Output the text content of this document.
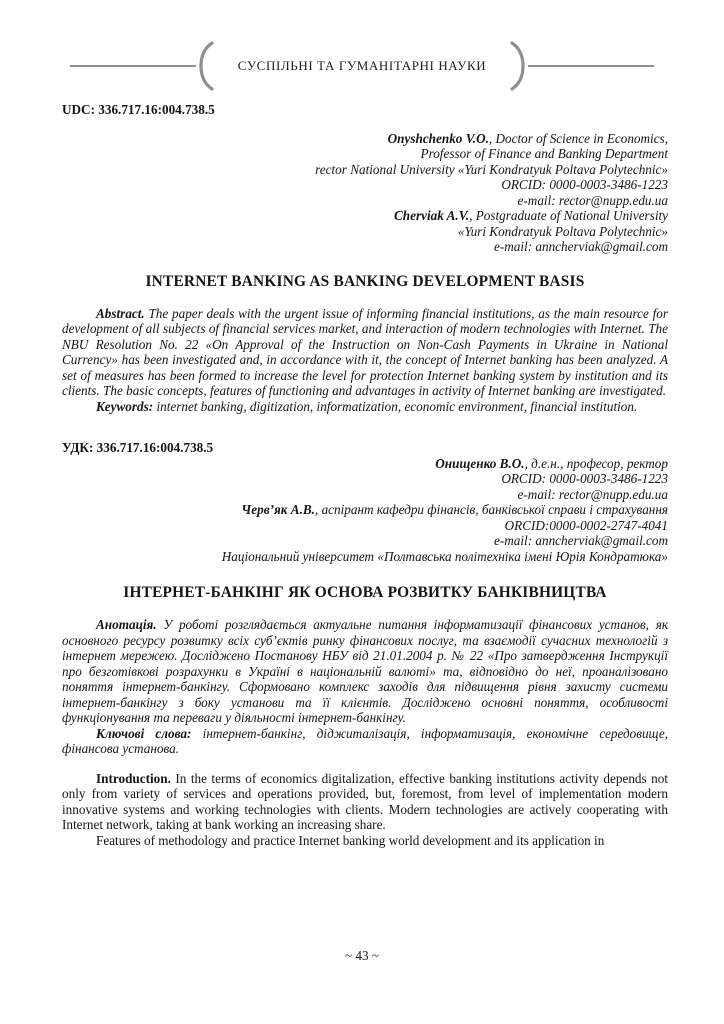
СУСПІЛЬНІ ТА ГУМАНІТАРНІ НАУКИ

UDC: 336.717.16:004.738.5

Onyshchenko V.O., Doctor of Science in Economics,

Professor of Finance and Banking Department

rector National University «Yuri Kondratyuk Poltava Polytechnic»

ORCID: 0000-0003-3486-1223

e-mail: rector@nupp.edu.ua

Cherviak A.V., Postgraduate of National University

«Yuri Kondratyuk Poltava Polytechnic»

e-mail: anncherviak@gmail.com

INTERNET BANKING AS BANKING DEVELOPMENT BASIS

Abstract. The paper deals with the urgent issue of informing financial institutions, as the main resource for development of all subjects of financial services market, and interaction of modern technologies with Internet. The NBU Resolution No. 22 «On Approval of the Instruction on Non-Cash Payments in Ukraine in National Currency» has been investigated and, in accordance with it, the concept of Internet banking has been analyzed. A set of measures has been formed to increase the level for protection Internet banking system by institution and its clients. The basic concepts, features of functioning and advantages in activity of Internet banking are investigated.

Keywords: internet banking, digitization, informatization, economic environment, financial institution.

УДК: 336.717.16:004.738.5

Онищенко В.О., д.е.н., професор, ректор

ORCID: 0000-0003-3486-1223

e-mail: rector@nupp.edu.ua

Черв’як А.В., аспірант кафедри фінансів, банківської справи і страхування

ORCID:0000-0002-2747-4041

e-mail: anncherviak@gmail.com

Національний університет «Полтавська політехніка імені Юрія Кондратюка»

ІНТЕРНЕТ-БАНКІНГ ЯК ОСНОВА РОЗВИТКУ БАНКІВНИЦТВА

Анотація. У роботі розглядається актуальне питання інформатизації фінансових установ, як основного ресурсу розвитку всіх суб’єктів ринку фінансових послуг, та взаємодії сучасних технологій з інтернет мережею. Досліджено Постанову НБУ від 21.01.2004 р. № 22 «Про затвердження Інструкції про безготівкові розрахунки в Україні в національній валюті» та, відповідно до неї, проаналізовано поняття інтернет-банкінгу. Сформовано комплекс заходів для підвищення рівня захисту системи інтернет-банкінгу з боку установи та її клієнтів. Досліджено основні поняття, особливості функціонування та переваги у діяльності інтернет-банкінгу.

Ключові слова: інтернет-банкінг, діджиталізація, інформатизація, економічне середовище, фінансова установа.

Introduction. In the terms of economics digitalization, effective banking institutions activity depends not only from variety of services and operations provided, but, foremost, from level of implementation modern innovative systems and working technologies with clients. Modern technologies are actively cooperating with Internet network, taking at bank working an increasing share.

Features of methodology and practice Internet banking world development and its application in

~ 43 ~
